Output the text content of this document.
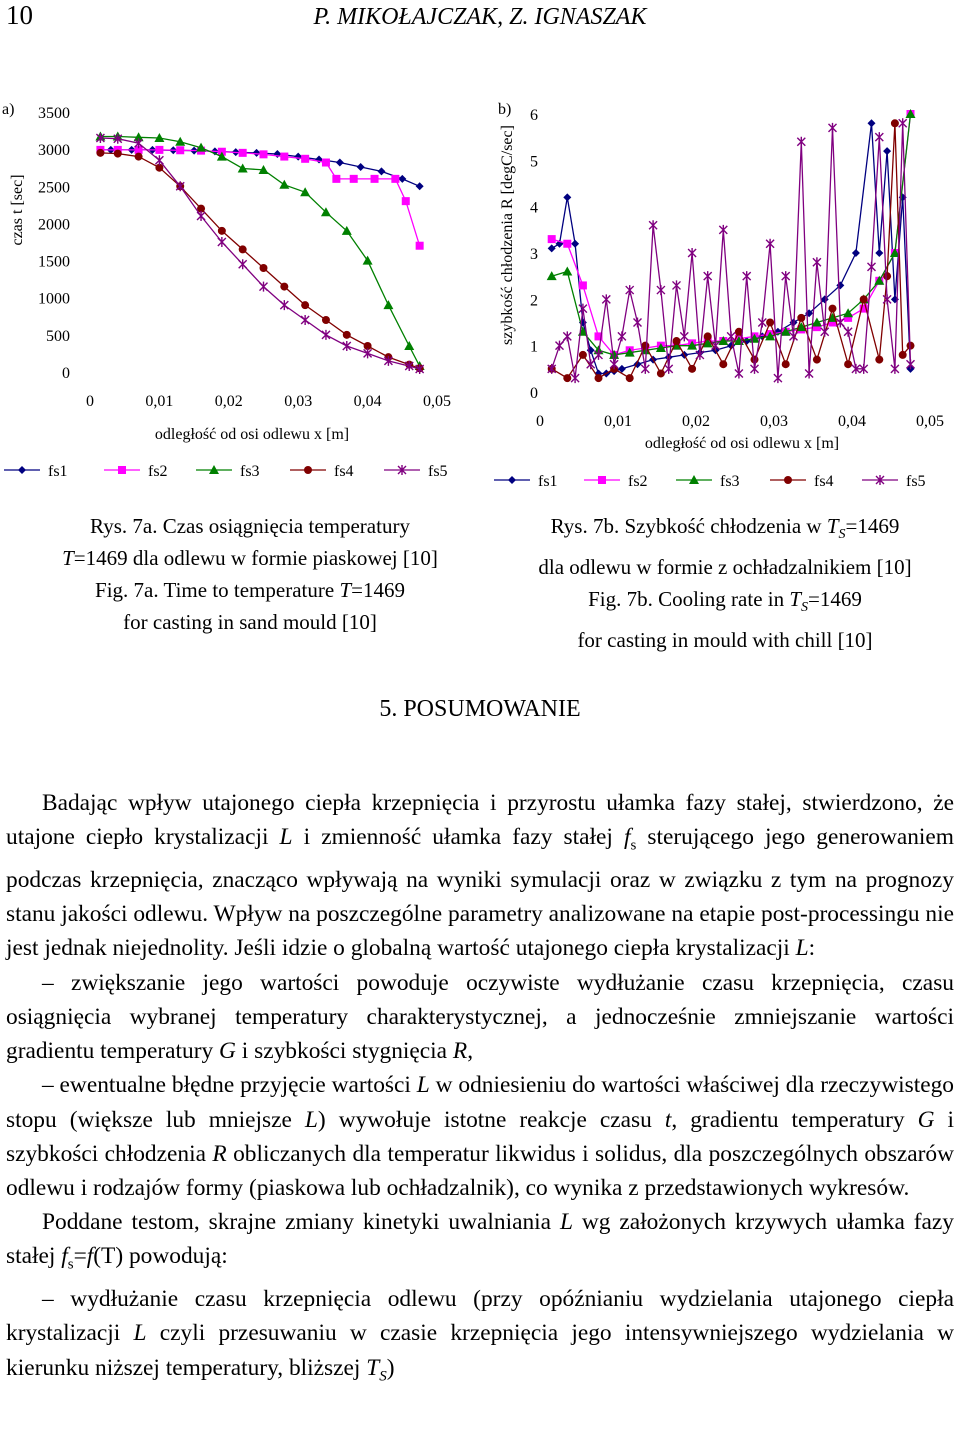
10	P. MIKOŁAJCZAK, Z. IGNASZAK
a)
czas t [sec]
odległość od osi odlewu x [m]
0
500
1000
1500
2000
2500
3000
3500
0	0,01	0,02	0,03	0,04	0,05
fs1	fs2	fs3	fs4	fs5
b)
szybkość chłodzenia R [degC/sec]
odległość od osi odlewu x [m]
0
1
2
3
4
5
6
0	0,01	0,02	0,03	0,04	0,05
fs1	fs2	fs3	fs4	fs5
Rys. 7a. Czas osiągnięcia temperatury
T=1469 dla odlewu w formie piaskowej [10]
Fig. 7a. Time to temperature T=1469
for casting in sand mould [10]
Rys. 7b. Szybkość chłodzenia w $T_S=1469$
dla odlewu w formie z ochładzalnikiem [10]
Fig. 7b. Cooling rate in $T_S=1469$
for casting in mould with chill [10]
5. POSUMOWANIE

Badając wpływ utajonego ciepła krzepnięcia i przyrostu ułamka fazy stałej, stwierdzono, że utajone ciepło krystalizacji L i zmienność ułamka fazy stałej $f_s$ sterującego jego generowaniem podczas krzepnięcia, znacząco wpływają na wyniki symulacji oraz w związku z tym na prognozy stanu jakości odlewu. Wpływ na poszczególne parametry analizowane na etapie post-processingu nie jest jednak niejednolity. Jeśli idzie o globalną wartość utajonego ciepła krystalizacji L:

– zwiększanie jego wartości powoduje oczywiste wydłużanie czasu krzepnięcia, czasu osiągnięcia wybranej temperatury charakterystycznej, a jednocześnie zmniejszanie wartości gradientu temperatury G i szybkości stygnięcia R,

– ewentualne błędne przyjęcie wartości L w odniesieniu do wartości właściwej dla rzeczywistego stopu (większe lub mniejsze L) wywołuje istotne reakcje czasu t, gradientu temperatury G i szybkości chłodzenia R obliczanych dla temperatur likwidus i solidus, dla poszczególnych obszarów odlewu i rodzajów formy (piaskowa lub ochładzalnik), co wynika z przedstawionych wykresów.

Poddane testom, skrajne zmiany kinetyki uwalniania L wg założonych krzywych ułamka fazy stałej $f_s=f(T)$ powodują:

– wydłużanie czasu krzepnięcia odlewu (przy opóźnianiu wydzielania utajonego ciepła krystalizacji L czyli przesuwaniu w czasie krzepnięcia jego intensywniejszego wydzielania w kierunku niższej temperatury, bliższej $T_S$)
